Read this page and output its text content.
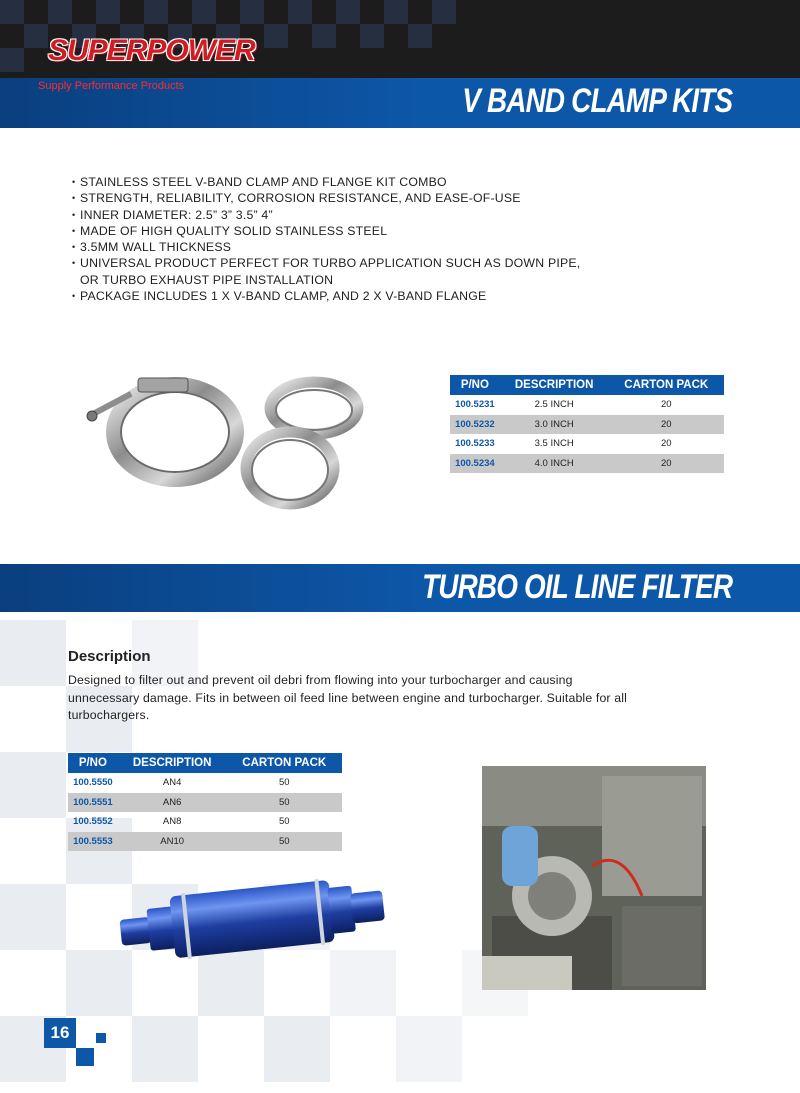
V BAND CLAMP KITS
SUPERPOWER
Supply Performance Products
• STAINLESS STEEL V-BAND CLAMP AND FLANGE KIT COMBO
• STRENGTH, RELIABILITY, CORROSION RESISTANCE, AND EASE-OF-USE
• INNER DIAMETER: 2.5” 3” 3.5” 4”
• MADE OF HIGH QUALITY SOLID STAINLESS STEEL
• 3.5MM WALL THICKNESS
• UNIVERSAL PRODUCT PERFECT FOR TURBO APPLICATION SUCH AS DOWN PIPE,
OR TURBO EXHAUST PIPE INSTALLATION
• PACKAGE INCLUDES 1 X V-BAND CLAMP, AND 2 X V-BAND FLANGE
P/NO	DESCRIPTION	CARTON PACK
100.5231	2.5 INCH	20
100.5232	3.0 INCH	20
100.5233	3.5 INCH	20
100.5234	4.0 INCH	20
TURBO OIL LINE FILTER
Description
Designed to filter out and prevent oil debri from flowing into your turbocharger and causing unnecessary damage. Fits in between oil feed line between engine and turbocharger. Suitable for all turbochargers.
P/NO	DESCRIPTION	CARTON PACK
100.5550	AN4	50
100.5551	AN6	50
100.5552	AN8	50
100.5553	AN10	50
16
